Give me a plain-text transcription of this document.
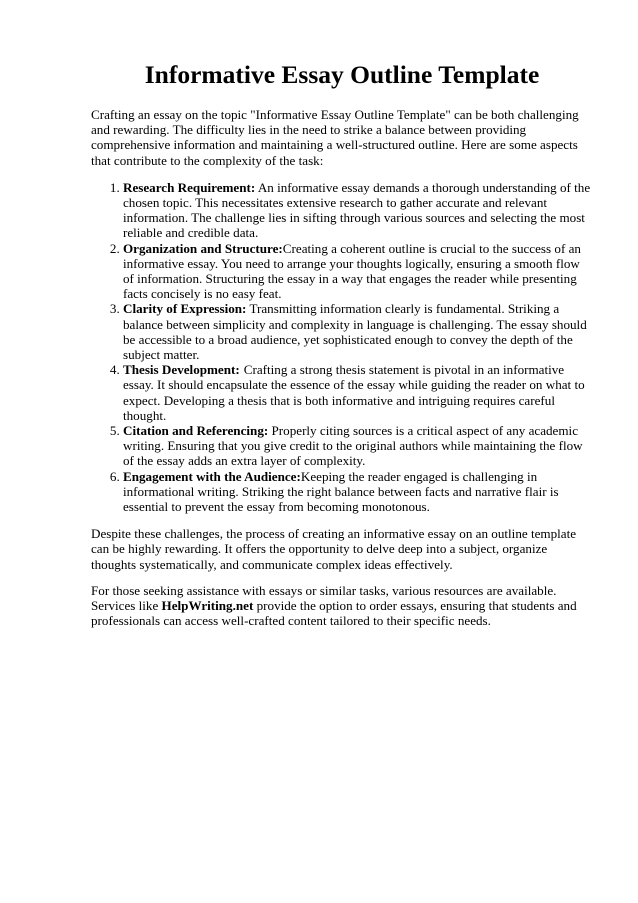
Informative Essay Outline Template

Crafting an essay on the topic "Informative Essay Outline Template" can be both challenging and rewarding. The difficulty lies in the need to strike a balance between providing comprehensive information and maintaining a well-structured outline. Here are some aspects that contribute to the complexity of the task:

1. Research Requirement: An informative essay demands a thorough understanding of the chosen topic. This necessitates extensive research to gather accurate and relevant information. The challenge lies in sifting through various sources and selecting the most reliable and credible data.
2. Organization and Structure:Creating a coherent outline is crucial to the success of an informative essay. You need to arrange your thoughts logically, ensuring a smooth flow of information. Structuring the essay in a way that engages the reader while presenting facts concisely is no easy feat.
3. Clarity of Expression: Transmitting information clearly is fundamental. Striking a balance between simplicity and complexity in language is challenging. The essay should be accessible to a broad audience, yet sophisticated enough to convey the depth of the subject matter.
4. Thesis Development: Crafting a strong thesis statement is pivotal in an informative essay. It should encapsulate the essence of the essay while guiding the reader on what to expect. Developing a thesis that is both informative and intriguing requires careful thought.
5. Citation and Referencing: Properly citing sources is a critical aspect of any academic writing. Ensuring that you give credit to the original authors while maintaining the flow of the essay adds an extra layer of complexity.
6. Engagement with the Audience:Keeping the reader engaged is challenging in informational writing. Striking the right balance between facts and narrative flair is essential to prevent the essay from becoming monotonous.

Despite these challenges, the process of creating an informative essay on an outline template can be highly rewarding. It offers the opportunity to delve deep into a subject, organize thoughts systematically, and communicate complex ideas effectively.

For those seeking assistance with essays or similar tasks, various resources are available. Services like HelpWriting.net provide the option to order essays, ensuring that students and professionals can access well-crafted content tailored to their specific needs.
